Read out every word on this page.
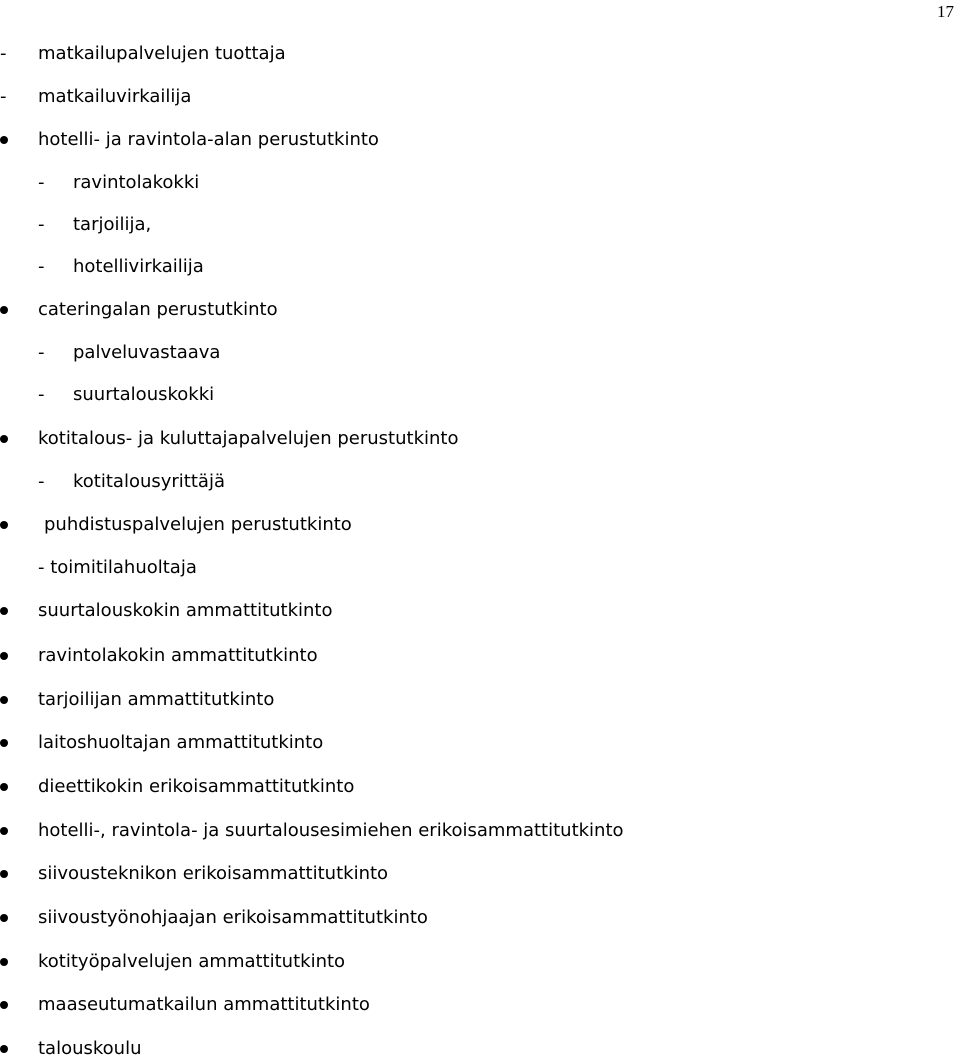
17
-	matkailupalvelujen tuottaja
-	matkailuvirkailija
hotelli- ja ravintola-alan perustutkinto
-	ravintolakokki
-	tarjoilija,
-	hotellivirkailija
cateringalan perustutkinto
-	palveluvastaava
-	suurtalouskokki
kotitalous- ja kuluttajapalvelujen perustutkinto
-	kotitalousyrittäjä
puhdistuspalvelujen perustutkinto
- toimitilahuoltaja
suurtalouskokin ammattitutkinto
ravintolakokin ammattitutkinto
tarjoilijan ammattitutkinto
laitoshuoltajan ammattitutkinto
dieettikokin erikoisammattitutkinto
hotelli-, ravintola- ja suurtalousesimiehen erikoisammattitutkinto
siivousteknikon erikoisammattitutkinto
siivoustyönohjaajan erikoisammattitutkinto
kotityöpalvelujen ammattitutkinto
maaseutumatkailun ammattitutkinto
talouskoulu
